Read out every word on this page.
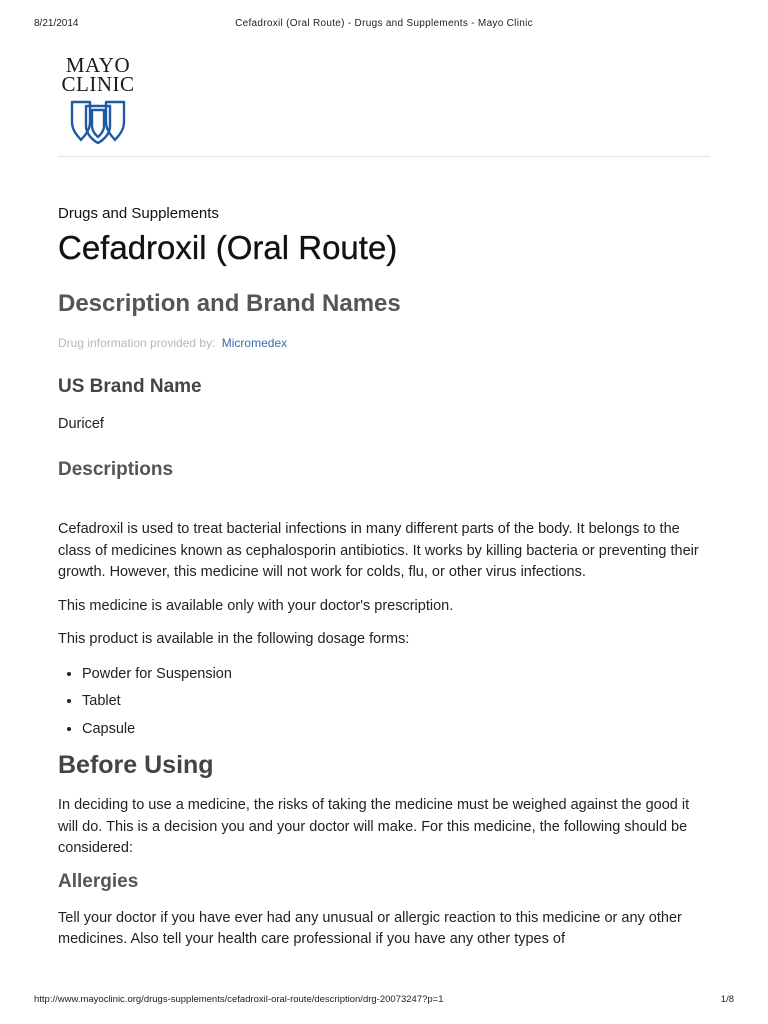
8/21/2014	Cefadroxil (Oral Route) - Drugs and Supplements - Mayo Clinic
MAYO
CLINIC

Drugs and Supplements

Cefadroxil (Oral Route)
Description and Brand Names

Drug information provided by: Micromedex

US Brand Name

Duricef

Descriptions

Cefadroxil is used to treat bacterial infections in many different parts of the body. It belongs to the class of medicines known as cephalosporin antibiotics. It works by killing bacteria or preventing their growth. However, this medicine will not work for colds, flu, or other virus infections.

This medicine is available only with your doctor's prescription.

This product is available in the following dosage forms:

• Powder for Suspension
• Tablet
• Capsule
Before Using

In deciding to use a medicine, the risks of taking the medicine must be weighed against the good it will do. This is a decision you and your doctor will make. For this medicine, the following should be considered:

Allergies

Tell your doctor if you have ever had any unusual or allergic reaction to this medicine or any other medicines. Also tell your health care professional if you have any other types of

http://www.mayoclinic.org/drugs-supplements/cefadroxil-oral-route/description/drg-20073247?p=1	1/8
